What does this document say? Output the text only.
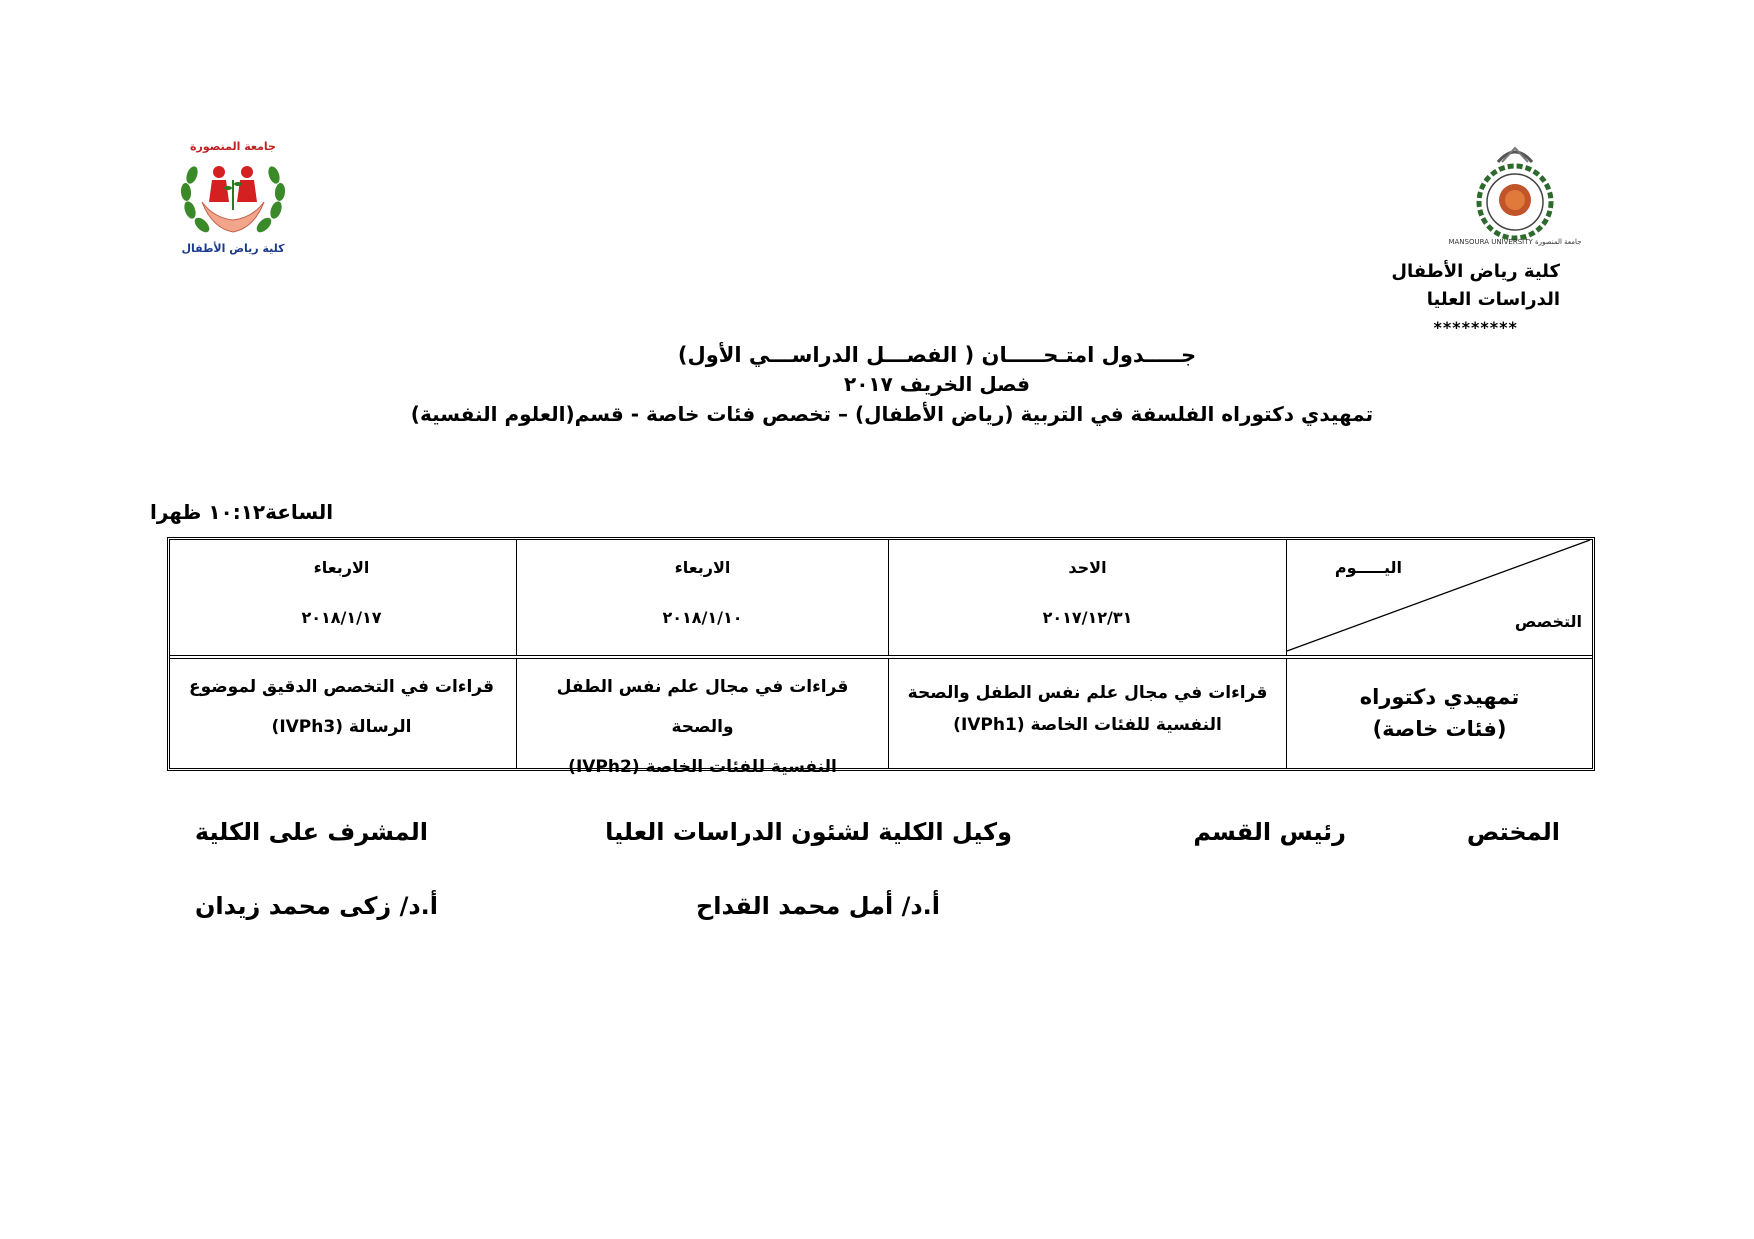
جامعة المنصورة
كلية رياض الأطفال	MANSOURA UNIVERSITY جامعة المنصورة
كلية رياض الأطفال
الدراسات العليا
*********
جـــــدول امتـحـــــان ( الفصـــل الدراســـي الأول)
فصل الخريف ٢٠١٧
تمهيدي دكتوراه الفلسفة في التربية (رياض الأطفال) – تخصص فئات خاصة - قسم(العلوم النفسية)
الساعة١٠:١٢ ظهرا
اليـــــوم
التخصص
الاحد
٢٠١٧/١٢/٣١
الاربعاء
٢٠١٨/١/١٠
الاربعاء
٢٠١٨/١/١٧
تمهيدي دكتوراه
(فئات خاصة)
قراءات في مجال علم نفس الطفل والصحة
النفسية للفئات الخاصة (IVPh1)
قراءات في مجال علم نفس الطفل والصحة
النفسية للفئات الخاصة (IVPh2)
قراءات في التخصص الدقيق لموضوع
الرسالة (IVPh3)
المختص
رئيس القسم
وكيل الكلية لشئون الدراسات العليا
المشرف على الكلية
أ.د/ أمل محمد القداح
أ.د/ زكى محمد زيدان
